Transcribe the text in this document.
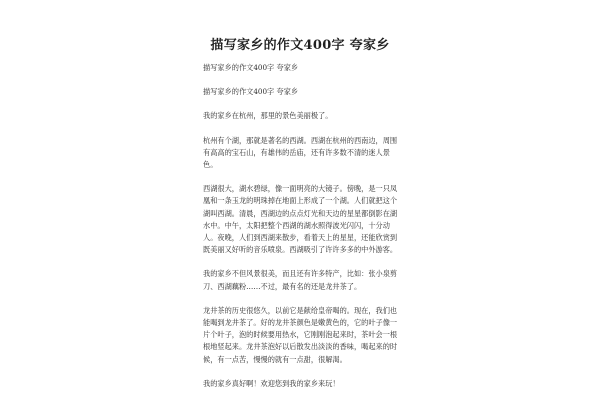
描写家乡的作文400字 夸家乡

描写家乡的作文400字 夸家乡

描写家乡的作文400字 夸家乡

我的家乡在杭州，那里的景色美丽极了。

杭州有个湖，那就是著名的西湖。西湖在杭州的西南边，周围有高高的宝石山，有雄伟的岳庙，还有许多数不清的迷人景色。

西湖很大，湖水碧绿，像一面明亮的大镜子。傍晚，是一只凤凰和一条玉龙的明珠掉在地面上形成了一个湖。人们就把这个湖叫西湖。清晨，西湖边的点点灯光和天边的星星都倒影在湖水中。中午，太阳把整个西湖的湖水照得波光闪闪，十分动人。夜晚，人们到西湖来散步，看着天上的星星，还能欣赏到既美丽又好听的音乐喷泉。西湖吸引了许许多多的中外游客。

我的家乡不但风景很美，而且还有许多特产，比如：张小泉剪刀、西湖藕粉……不过，最有名的还是龙井茶了。

龙井茶的历史很悠久，以前它是献给皇帝喝的。现在，我们也能喝到龙井茶了。好的龙井茶颜色是嫩黄色的，它的叶子像一片个叶子，泡的时候要用热水，它刚刚泡起来时，茶叶会一根根地竖起来。龙井茶泡好以后散发出淡淡的香味，喝起来的时候，有一点苦，慢慢的就有一点甜，很解渴。

我的家乡真好啊！欢迎您到我的家乡来玩！
